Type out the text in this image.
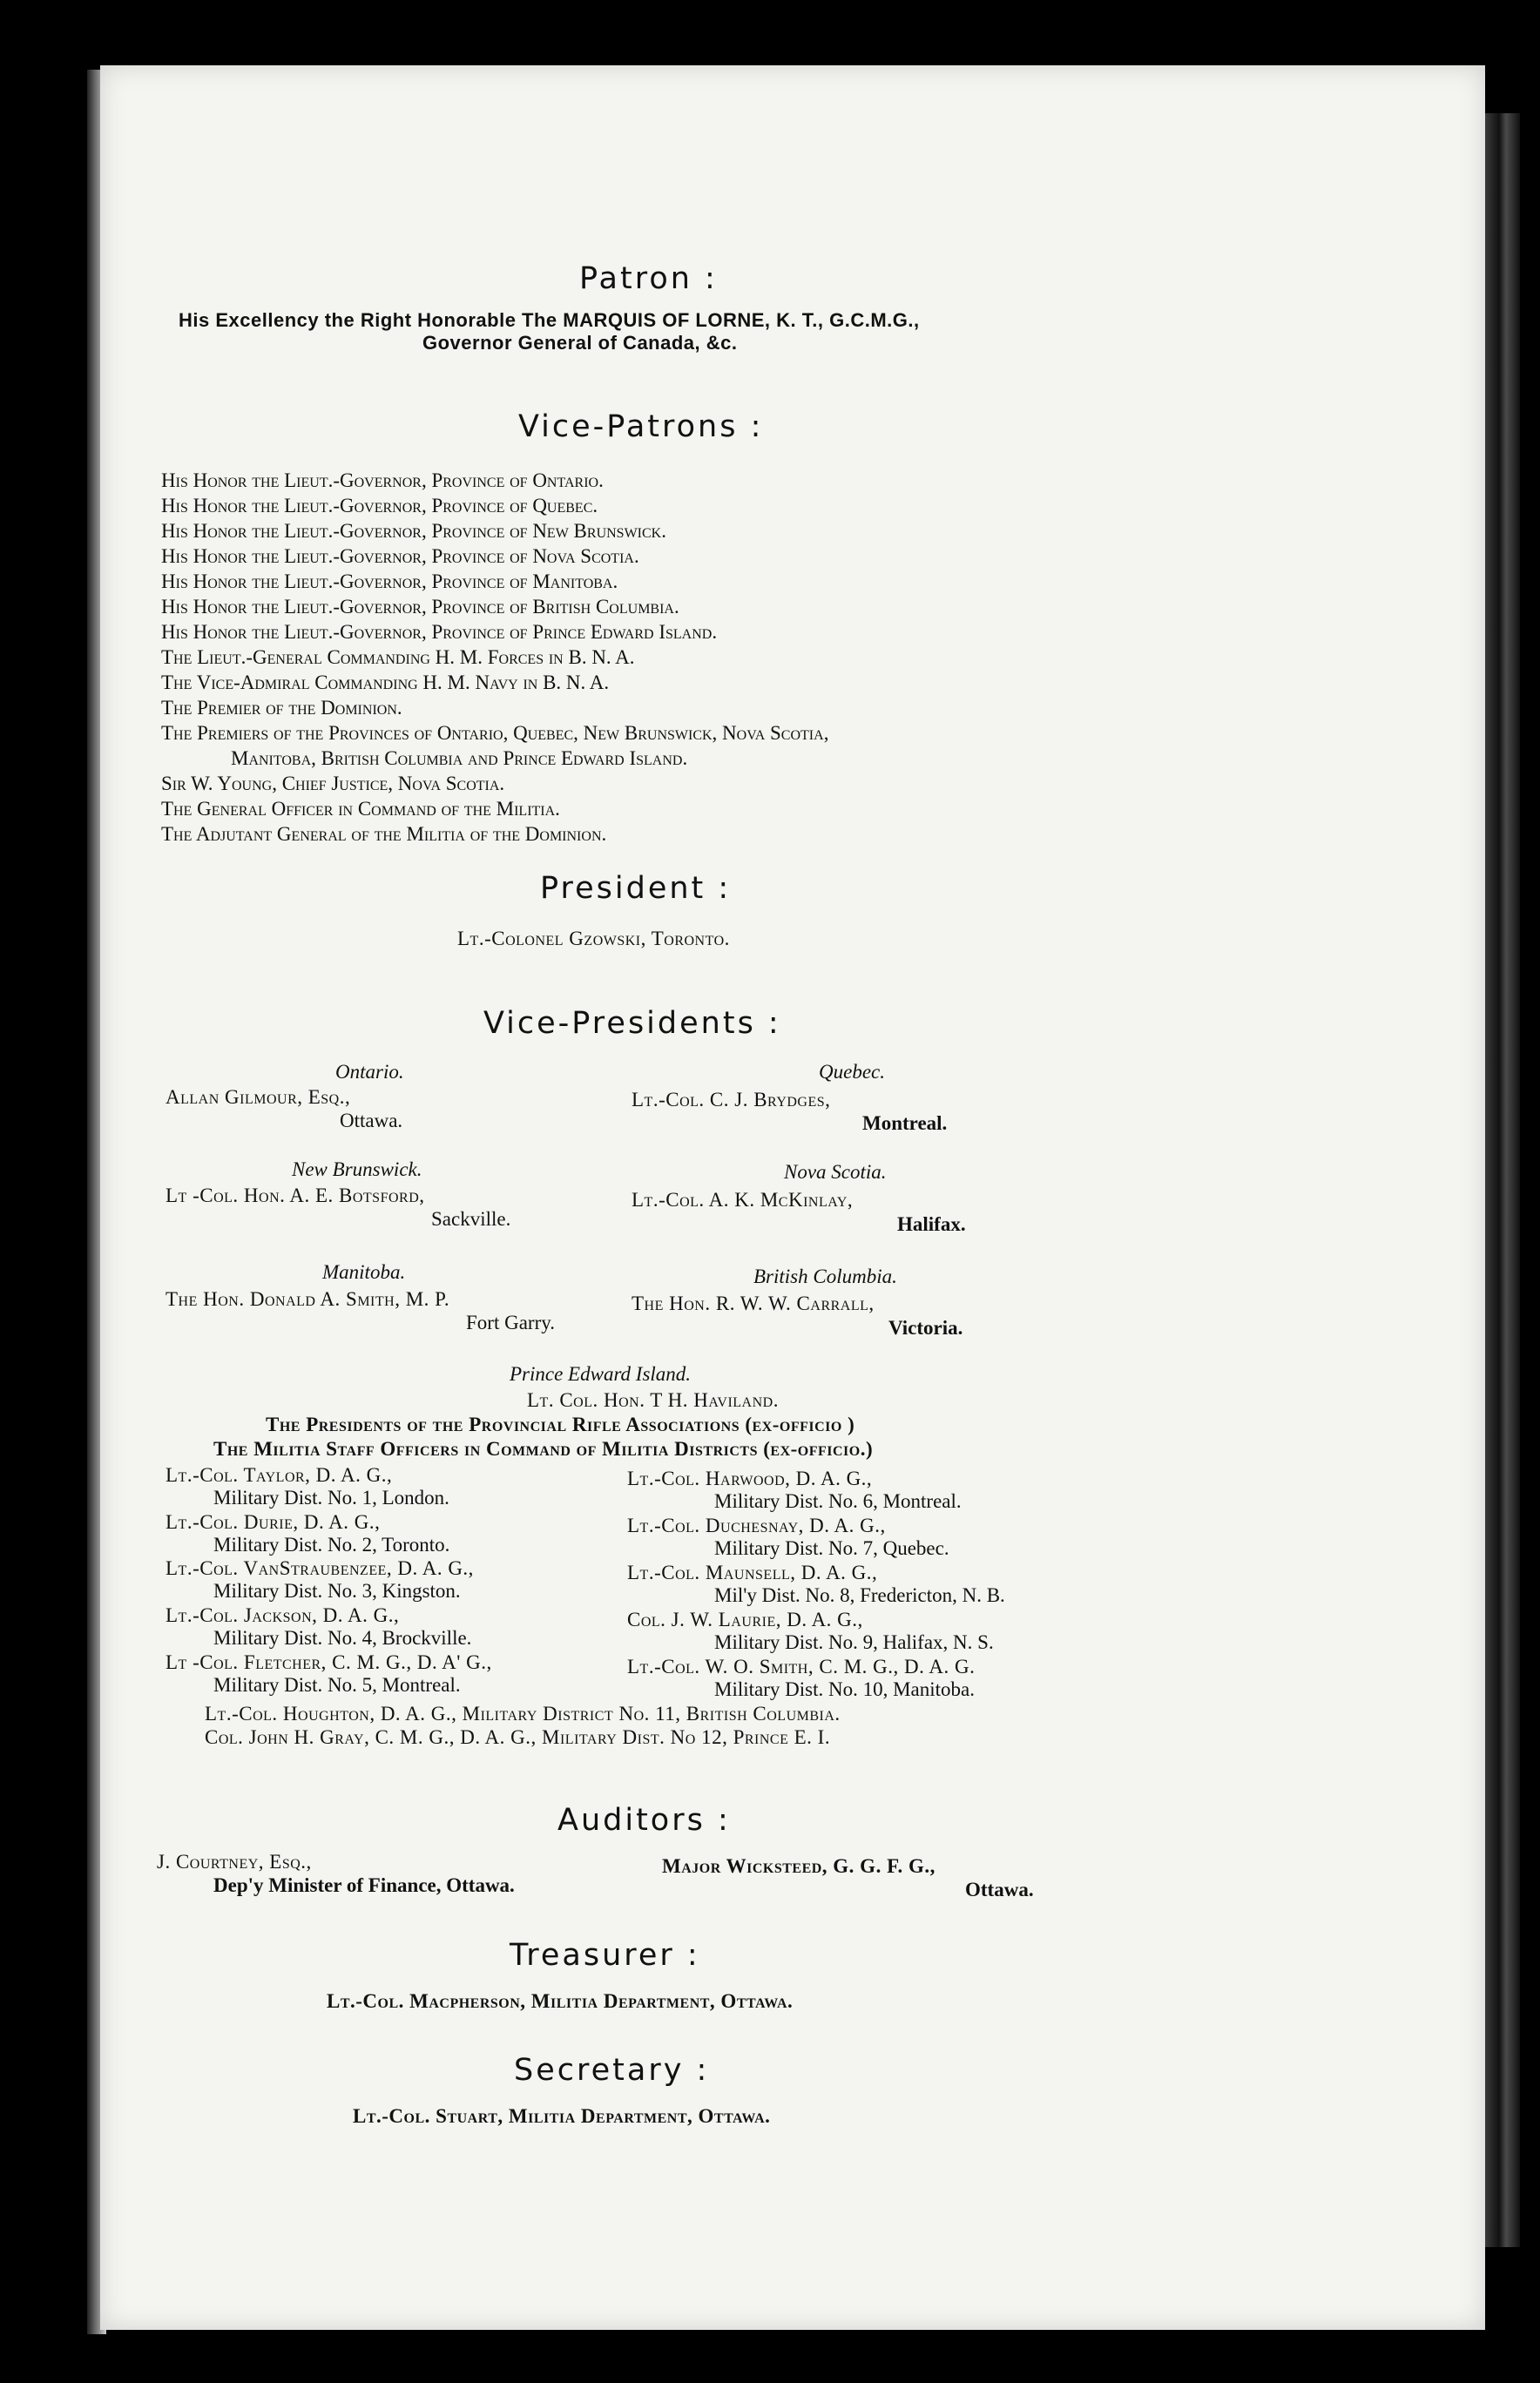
Patron :
His Excellency the Right Honorable The MARQUIS OF LORNE, K. T., G.C.M.G.,
Governor General of Canada, &c.
Vice-Patrons :
His Honor the Lieut.-Governor, Province of Ontario.
His Honor the Lieut.-Governor, Province of Quebec.
His Honor the Lieut.-Governor, Province of New Brunswick.
His Honor the Lieut.-Governor, Province of Nova Scotia.
His Honor the Lieut.-Governor, Province of Manitoba.
His Honor the Lieut.-Governor, Province of British Columbia.
His Honor the Lieut.-Governor, Province of Prince Edward Island.
The Lieut.-General Commanding H. M. Forces in B. N. A.
The Vice-Admiral Commanding H. M. Navy in B. N. A.
The Premier of the Dominion.
The Premiers of the Provinces of Ontario, Quebec, New Brunswick, Nova Scotia,
Manitoba, British Columbia and Prince Edward Island.
Sir W. Young, Chief Justice, Nova Scotia.
The General Officer in Command of the Militia.
The Adjutant General of the Militia of the Dominion.
President :
Lt.-Colonel Gzowski, Toronto.
Vice-Presidents :
Ontario.
Allan Gilmour, Esq.,
Ottawa.
Quebec.
Lt.-Col. C. J. Brydges,
Montreal.
New Brunswick.
Lt -Col. Hon. A. E. Botsford,
Sackville.
Nova Scotia.
Lt.-Col. A. K. McKinlay,
Halifax.
Manitoba.
The Hon. Donald A. Smith, M. P.
Fort Garry.
British Columbia.
The Hon. R. W. W. Carrall,
Victoria.
Prince Edward Island.
Lt. Col. Hon. T H. Haviland.
The Presidents of the Provincial Rifle Associations (ex-officio )
The Militia Staff Officers in Command of Militia Districts (ex-officio.)
Lt.-Col. Taylor, D. A. G.,
Military Dist. No. 1, London.
Lt.-Col. Durie, D. A. G.,
Military Dist. No. 2, Toronto.
Lt.-Col. VanStraubenzee, D. A. G.,
Military Dist. No. 3, Kingston.
Lt.-Col. Jackson, D. A. G.,
Military Dist. No. 4, Brockville.
Lt -Col. Fletcher, C. M. G., D. A' G.,
Military Dist. No. 5, Montreal.
Lt.-Col. Harwood, D. A. G.,
Military Dist. No. 6, Montreal.
Lt.-Col. Duchesnay, D. A. G.,
Military Dist. No. 7, Quebec.
Lt.-Col. Maunsell, D. A. G.,
Mil'y Dist. No. 8, Fredericton, N. B.
Col. J. W. Laurie, D. A. G.,
Military Dist. No. 9, Halifax, N. S.
Lt.-Col. W. O. Smith, C. M. G., D. A. G.
Military Dist. No. 10, Manitoba.
Lt.-Col. Houghton, D. A. G., Military District No. 11, British Columbia.
Col. John H. Gray, C. M. G., D. A. G., Military Dist. No 12, Prince E. I.
Auditors :
J. Courtney, Esq.,
Dep'y Minister of Finance, Ottawa.
Major Wicksteed, G. G. F. G.,
Ottawa.
Treasurer :
Lt.-Col. Macpherson, Militia Department, Ottawa.
Secretary :
Lt.-Col. Stuart, Militia Department, Ottawa.
